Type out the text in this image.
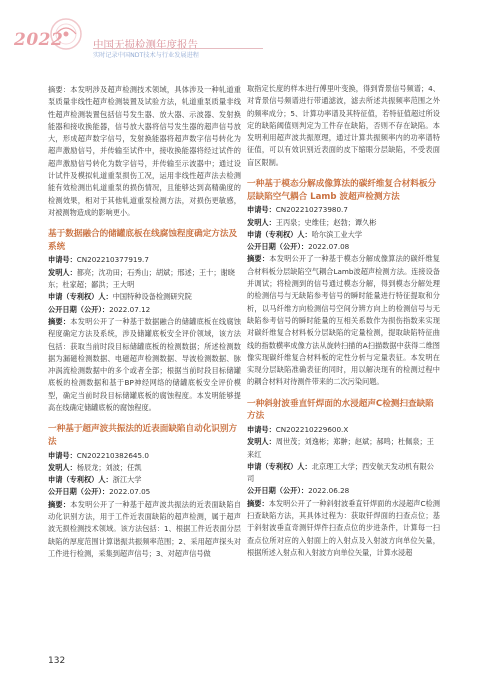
2022	中国无损检测年度报告
实时记录中国NDT技术与行业发展进程

摘要：本发明涉及超声检测技术领域，具体涉及一种轧道重泵质量非线性超声检测装置及试验方法，轧道重泵质量非线性超声检测装置包括信号发生器、放大器、示波器、发射换能器和接收换能器，信号放大器将信号发生器的超声信号放大，形成超声数字信号，发射换能器将超声数字信号转化为超声激励信号，并传输至试件中，接收换能器将经过试件的超声激励信号转化为数字信号，并传输至示波器中；通过设计试件及模拟轧道重泵损伤工况，运用非线性超声法去检测能有效检测出轧道重泵的损伤情况，且能够达到高精确度的检测效果，相对于其他轧道重泵检测方法，对损伤更敏感，对被测物造成的影响更小。

基于数据融合的储罐底板在线腐蚀程度确定方法及系统

申请号：CN202210377919.7

发明人：都亮；沈功田；石秀山；胡斌；邢述；王十；谢晓东；杜家超；鄙洪；王大明

申请（专利权）人：中国特种设备检测研究院

公开日期（公开）：2022.07.12

摘要：本发明公开了一种基于数据融合的储罐底板在线腐蚀程度确定方法及系统，涉及储罐底板安全评价领域，该方法包括：获取当前时段目标储罐底板的检测数据；所述检测数据为漏磁检测数据、电磁超声检测数据、导波检测数据、脉冲涡流检测数据中的多个或者全部；根据当前时段目标储罐底板的检测数据和基于BP神经网络的储罐底板安全评价模型，确定当前时段目标储罐底板的腐蚀程度。本发明能够提高在线确定储罐底板的腐蚀程度。

一种基于超声波共振法的近表面缺陷自动化识别方法

申请号：CN202210382645.0

发明人：杨辰龙；刘波；任凯

申请（专利权）人：浙江大学

公开日期（公开）：2022.07.05

摘要：本发明公开了一种基于超声波共振法的近表面缺陷自动化识别方法，用于工件近表面缺陷的超声检测，属于超声波无损检测技术领域。该方法包括：1、根据工件近表面分层缺陷的厚度范围计算谐振共振频率范围；2、采用超声探头对工件进行检测，采集到超声信号；3、对超声信号做

取指定长度的样本进行傅里叶变换，得到背景信号频谱；4、对背景信号频谱进行带通滤波，滤去所述共振频率范围之外的频率成分；5、计算功率谱及其特征值，若特征值超过所设定的缺陷阈值则判定为工件存在缺陷，否则不存在缺陷。本发明利用超声波共振原理，通过计算共振频率内的功率谱特征值，可以有效识别近表面的皮下缩眼分层缺陷，不受表面盲区限制。

一种基于模态分解成像算法的碳纤维复合材料板分层缺陷空气耦合 Lamb 波超声检测方法

申请号：CN202210273980.7

发明人：王丙泉；史维佳；赵勃；谭久彬

申请（专利权）人：哈尔滨工业大学

公开日期（公开）：2022.07.08

摘要：本发明公开了一种基于模态分解成像算法的碳纤维复合材料板分层缺陷空气耦合Lamb波超声检测方法。连接设备并调试；将检测到的信号通过模态分解，得到模态分解处理的检测信号与无缺陷参考信号的瞬时能量进行特征提取和分析，以马纤维方向检测信号空间分辨方向上的检测信号与无缺陷参考信号的瞬时能量的互相关系数作为损伤指数来实现对碳纤维复合材料板分层缺陷的定量检测，提取缺陷特征曲线的指数横率成像方法从旋转扫描的A扫描数据中获得二维图像实现碳纤维复合材料板的定性分析与定量表征。本发明在实现分层缺陷准确表征的同时，用以解决现有的检测过程中的耦合材料对待测件带来的二次污染问题。

一种斜射波垂直钎焊面的水浸超声C检测扫查缺陷方法

申请号：CN202210229600.X

发明人：周世茂；刘逸彬；郑翀；赵斌；郝鸣；杜佩泉；王来红

申请（专利权）人：北京理工大学；西安航天发动机有限公司

公开日期（公开）：2022.06.28

摘要：本发明公开了一种斜射波垂直钎焊面的水浸超声C检测扫查缺陷方法，其具体过程为：获取钎焊面的扫查点位；基于斜射波垂直奇测钎焊件扫查点位的步进条件，计算每一扫查点位所对应的入射面上的入射点及入射波方向单位矢量，根据所述入射点和入射波方向单位矢量，计算水浸超

132
